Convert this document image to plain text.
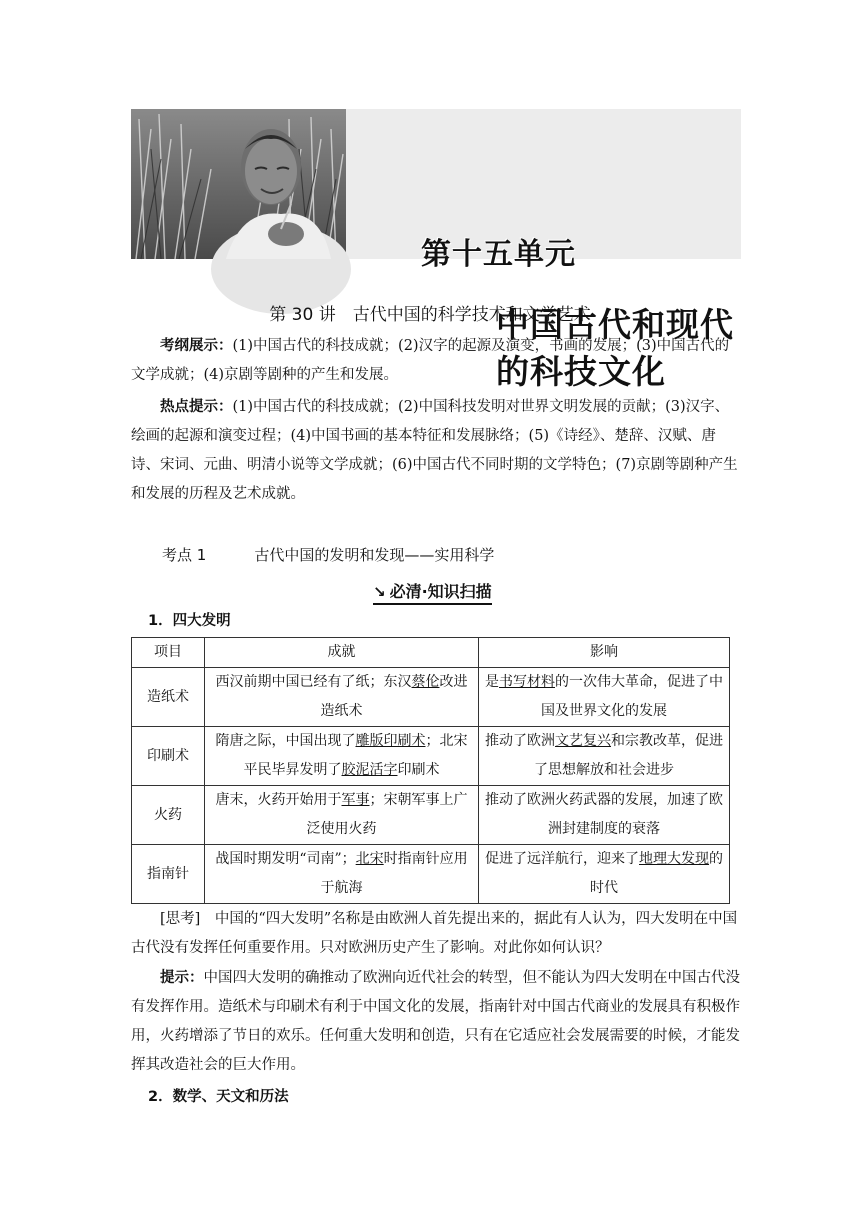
第十五单元
中国古代和现代的科技文化
第 30 讲　古代中国的科学技术和文学艺术
考纲展示：(1)中国古代的科技成就；(2)汉字的起源及演变，书画的发展；(3)中国古代的文学成就；(4)京剧等剧种的产生和发展。
热点提示：(1)中国古代的科技成就；(2)中国科技发明对世界文明发展的贡献；(3)汉字、绘画的起源和演变过程；(4)中国书画的基本特征和发展脉络；(5)《诗经》、楚辞、汉赋、唐诗、宋词、元曲、明清小说等文学成就；(6)中国古代不同时期的文学特色；(7)京剧等剧种产生和发展的历程及艺术成就。
考点 1	古代中国的发明和发现——实用科学
↘ 必清·知识扫描
1．四大发明
项目	成就	影响
造纸术	西汉前期中国已经有了纸；东汉蔡伦改进造纸术	是书写材料的一次伟大革命，促进了中国及世界文化的发展
印刷术	隋唐之际，中国出现了雕版印刷术；北宋平民毕昇发明了胶泥活字印刷术	推动了欧洲文艺复兴和宗教改革，促进了思想解放和社会进步
火药	唐末，火药开始用于军事；宋朝军事上广泛使用火药	推动了欧洲火药武器的发展，加速了欧洲封建制度的衰落
指南针	战国时期发明“司南”；北宋时指南针应用于航海	促进了远洋航行，迎来了地理大发现的时代
[思考]　中国的“四大发明”名称是由欧洲人首先提出来的，据此有人认为，四大发明在中国古代没有发挥任何重要作用。只对欧洲历史产生了影响。对此你如何认识？
提示：中国四大发明的确推动了欧洲向近代社会的转型，但不能认为四大发明在中国古代没有发挥作用。造纸术与印刷术有利于中国文化的发展，指南针对中国古代商业的发展具有积极作用，火药增添了节日的欢乐。任何重大发明和创造，只有在它适应社会发展需要的时候，才能发挥其改造社会的巨大作用。
2．数学、天文和历法
